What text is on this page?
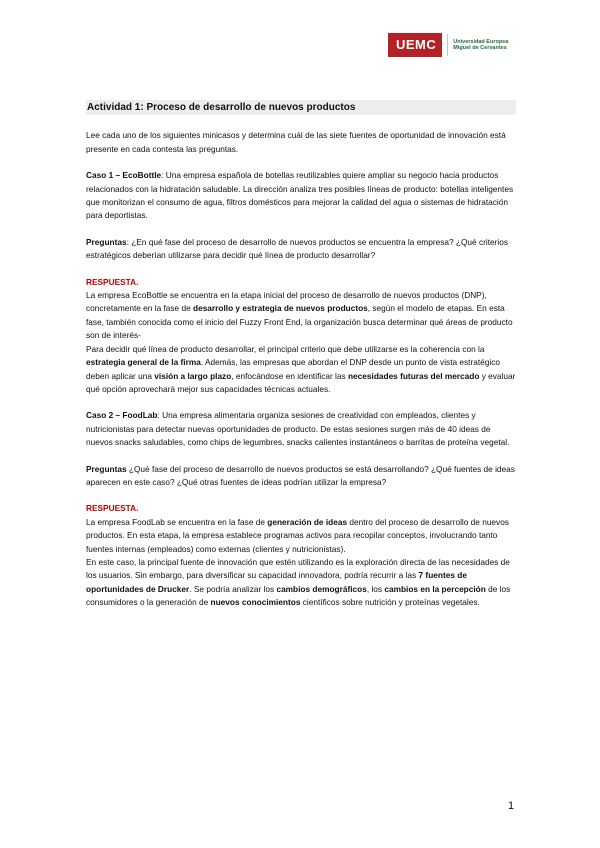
UEMC	Universidad Europea
Miguel de Cervantes
Actividad 1: Proceso de desarrollo de nuevos productos

Lee cada uno de los siguientes minicasos y determina cuál de las siete fuentes de oportunidad de innovación está presente en cada contesta las preguntas.

Caso 1 – EcoBottle: Una empresa española de botellas reutilizables quiere ampliar su negocio hacia productos relacionados con la hidratación saludable. La dirección analiza tres posibles líneas de producto: botellas inteligentes que monitorizan el consumo de agua, filtros domésticos para mejorar la calidad del agua o sistemas de hidratación para deportistas.

Preguntas: ¿En qué fase del proceso de desarrollo de nuevos productos se encuentra la empresa? ¿Qué criterios estratégicos deberían utilizarse para decidir qué línea de producto desarrollar?

RESPUESTA.
La empresa EcoBottle se encuentra en la etapa inicial del proceso de desarrollo de nuevos productos (DNP), concretamente en la fase de desarrollo y estrategia de nuevos productos, según el modelo de etapas. En esta fase, también conocida como el inicio del Fuzzy Front End, la organización busca determinar qué áreas de producto son de interés-

Para decidir qué línea de producto desarrollar, el principal criterio que debe utilizarse es la coherencia con la estrategia general de la firma. Además, las empresas que abordan el DNP desde un punto de vista estratégico deben aplicar una visión a largo plazo, enfocándose en identificar las necesidades futuras del mercado y evaluar qué opción aprovechará mejor sus capacidades técnicas actuales.

Caso 2 – FoodLab: Una empresa alimentaria organiza sesiones de creatividad con empleados, clientes y nutricionistas para detectar nuevas oportunidades de producto. De estas sesiones surgen más de 40 ideas de nuevos snacks saludables, como chips de legumbres, snacks calientes instantáneos o barritas de proteína vegetal.

Preguntas ¿Qué fase del proceso de desarrollo de nuevos productos se está desarrollando? ¿Qué fuentes de ideas aparecen en este caso? ¿Qué otras fuentes de ideas podrían utilizar la empresa?

RESPUESTA.
La empresa FoodLab se encuentra en la fase de generación de ideas dentro del proceso de desarrollo de nuevos productos. En esta etapa, la empresa establece programas activos para recopilar conceptos, involucrando tanto fuentes internas (empleados) como externas (clientes y nutricionistas).
En este caso, la principal fuente de innovación que estén utilizando es la exploración directa de las necesidades de los usuarios. Sin embargo, para diversificar su capacidad innovadora, podría recurrir a las 7 fuentes de oportunidades de Drucker. Se podría analizar los cambios demográficos, los cambios en la percepción de los consumidores o la generación de nuevos conocimientos científicos sobre nutrición y proteínas vegetales.
1
